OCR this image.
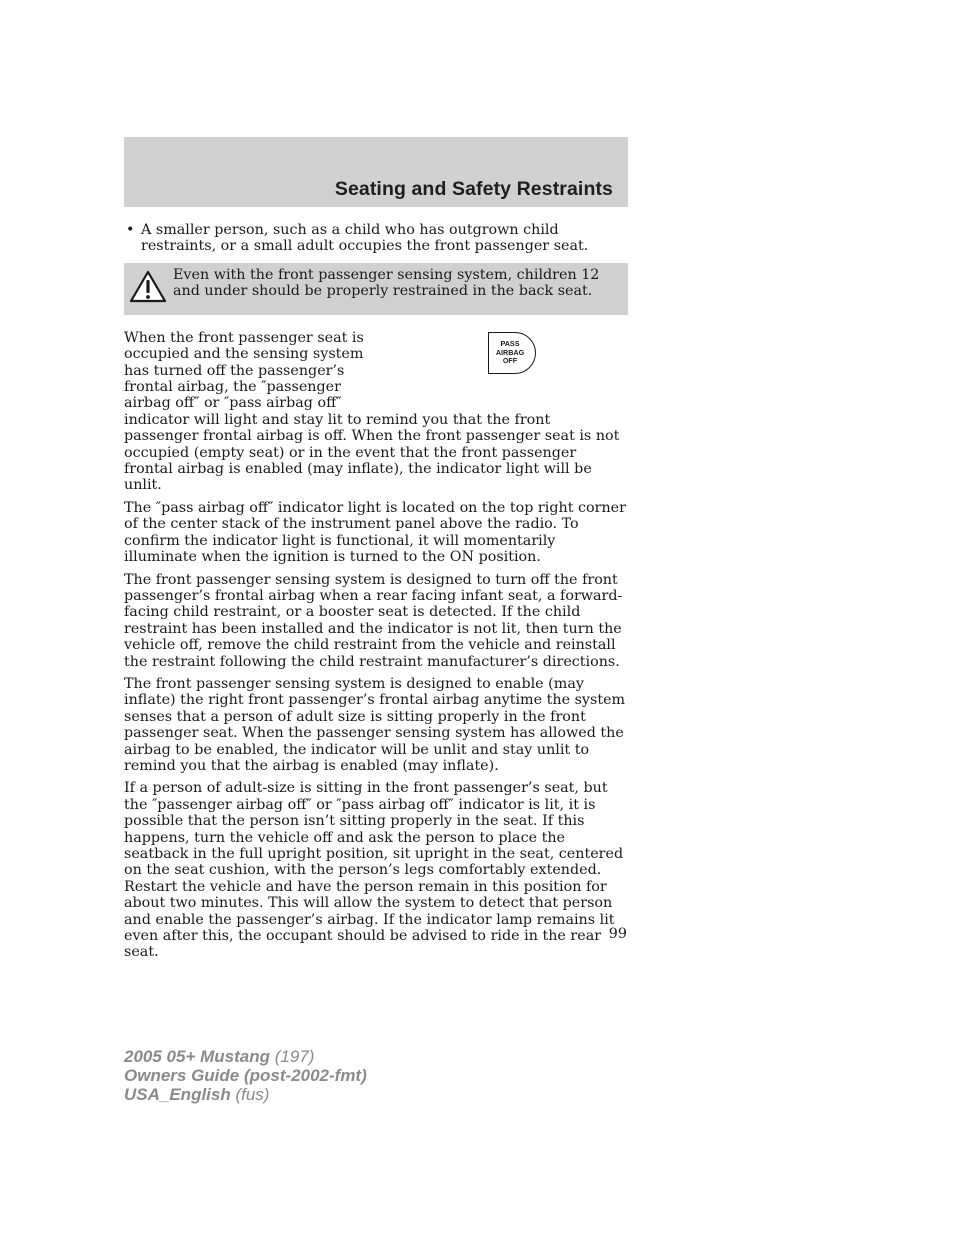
Seating and Safety Restraints
• A smaller person, such as a child who has outgrown child restraints, or a small adult occupies the front passenger seat.
Even with the front passenger sensing system, children 12 and under should be properly restrained in the back seat.

PASS
AIRBAG
OFF
When the front passenger seat is occupied and the sensing system has turned off the passenger’s frontal airbag, the ″passenger airbag off″ or ″pass airbag off″ indicator will light and stay lit to remind you that the front passenger frontal airbag is off. When the front passenger seat is not occupied (empty seat) or in the event that the front passenger frontal airbag is enabled (may inflate), the indicator light will be unlit.

The ″pass airbag off″ indicator light is located on the top right corner of the center stack of the instrument panel above the radio. To confirm the indicator light is functional, it will momentarily illuminate when the ignition is turned to the ON position.

The front passenger sensing system is designed to turn off the front passenger’s frontal airbag when a rear facing infant seat, a forward-facing child restraint, or a booster seat is detected. If the child restraint has been installed and the indicator is not lit, then turn the vehicle off, remove the child restraint from the vehicle and reinstall the restraint following the child restraint manufacturer’s directions.

The front passenger sensing system is designed to enable (may inflate) the right front passenger’s frontal airbag anytime the system senses that a person of adult size is sitting properly in the front passenger seat. When the passenger sensing system has allowed the airbag to be enabled, the indicator will be unlit and stay unlit to remind you that the airbag is enabled (may inflate).

If a person of adult-size is sitting in the front passenger’s seat, but the ″passenger airbag off″ or ″pass airbag off″ indicator is lit, it is possible that the person isn’t sitting properly in the seat. If this happens, turn the vehicle off and ask the person to place the seatback in the full upright position, sit upright in the seat, centered on the seat cushion, with the person’s legs comfortably extended. Restart the vehicle and have the person remain in this position for about two minutes. This will allow the system to detect that person and enable the passenger’s airbag. If the indicator lamp remains lit even after this, the occupant should be advised to ride in the rear seat.

99
2005 05+ Mustang (197)
Owners Guide (post-2002-fmt)
USA_English (fus)
